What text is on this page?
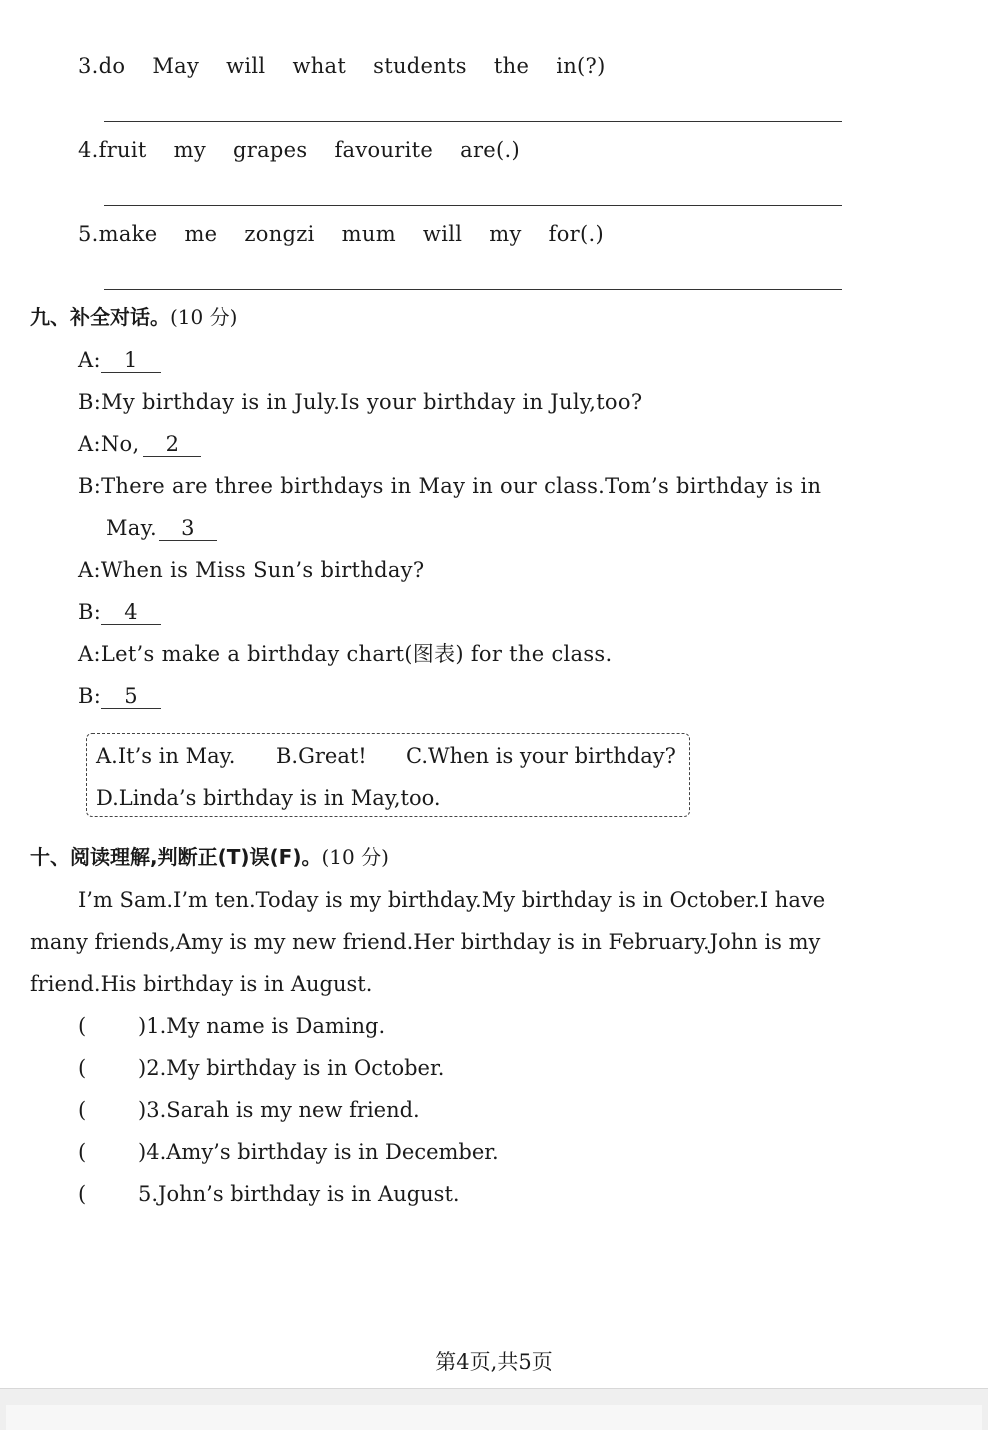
3.do May will what students the in(?)
4.fruit my grapes favourite are(.)
5.make me zongzi mum will my for(.)
九、补全对话。(10 分)
A: 1
B:My birthday is in July.Is your birthday in July,too?
A:No, 2
B:There are three birthdays in May in our class.Tom’s birthday is in
May. 3
A:When is Miss Sun’s birthday?
B: 4
A:Let’s make a birthday chart(图表) for the class.
B: 5
A.It’s in May. B.Great! C.When is your birthday?
D.Linda’s birthday is in May,too.
十、阅读理解,判断正(T)误(F)。(10 分)
I’m Sam.I’m ten.Today is my birthday.My birthday is in October.I have
many friends,Amy is my new friend.Her birthday is in February.John is my
friend.His birthday is in August.
( )1.My name is Daming.
( )2.My birthday is in October.
( )3.Sarah is my new friend.
( )4.Amy’s birthday is in December.
( 5.John’s birthday is in August.
第4页,共5页
